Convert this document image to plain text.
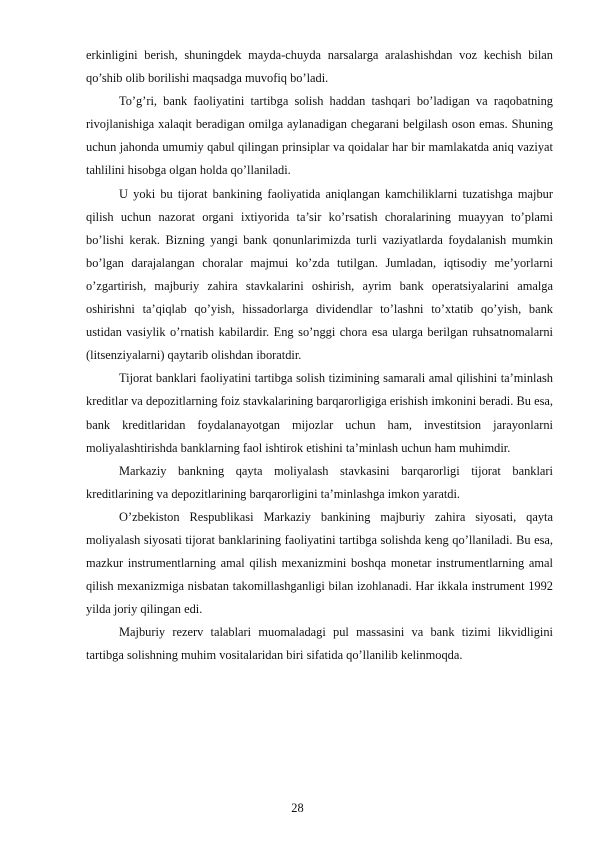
erkinligini berish, shuningdek mayda-chuyda narsalarga aralashishdan voz kechish bilan qo’shib olib borilishi maqsadga muvofiq bo’ladi.

To’g’ri, bank faoliyatini tartibga solish haddan tashqari bo’ladigan va raqobatning rivojlanishiga xalaqit beradigan omilga aylanadigan chegarani belgilash oson emas. Shuning uchun jahonda umumiy qabul qilingan prinsiplar va qoidalar har bir mamlakatda aniq vaziyat tahlilini hisobga olgan holda qo’llaniladi.

U yoki bu tijorat bankining faoliyatida aniqlangan kamchiliklarni tuzatishga majbur qilish uchun nazorat organi ixtiyorida ta’sir ko’rsatish choralarining muayyan to’plami bo’lishi kerak. Bizning yangi bank qonunlarimizda turli vaziyatlarda foydalanish mumkin bo’lgan darajalangan choralar majmui ko’zda tutilgan. Jumladan, iqtisodiy me’yorlarni o’zgartirish, majburiy zahira stavkalarini oshirish, ayrim bank operatsiyalarini amalga oshirishni ta’qiqlab qo’yish, hissadorlarga dividendlar to’lashni to’xtatib qo’yish, bank ustidan vasiylik o’rnatish kabilardir. Eng so’nggi chora esa ularga berilgan ruhsatnomalarni (litsenziyalarni) qaytarib olishdan iboratdir.

Tijorat banklari faoliyatini tartibga solish tizimining samarali amal qilishini ta’minlash kreditlar va depozitlarning foiz stavkalarining barqarorligiga erishish imkonini beradi. Bu esa, bank kreditlaridan foydalanayotgan mijozlar uchun ham, investitsion jarayonlarni moliyalashtirishda banklarning faol ishtirok etishini ta’minlash uchun ham muhimdir.

Markaziy bankning qayta moliyalash stavkasini barqarorligi tijorat banklari kreditlarining va depozitlarining barqarorligini ta’minlashga imkon yaratdi.

O’zbekiston Respublikasi Markaziy bankining majburiy zahira siyosati, qayta moliyalash siyosati tijorat banklarining faoliyatini tartibga solishda keng qo’llaniladi. Bu esa, mazkur instrumentlarning amal qilish mexanizmini boshqa monetar instrumentlarning amal qilish mexanizmiga nisbatan takomillashganligi bilan izohlanadi. Har ikkala instrument 1992 yilda joriy qilingan edi.

Majburiy rezerv talablari muomaladagi pul massasini va bank tizimi likvidligini tartibga solishning muhim vositalaridan biri sifatida qo’llanilib kelinmoqda.

28
